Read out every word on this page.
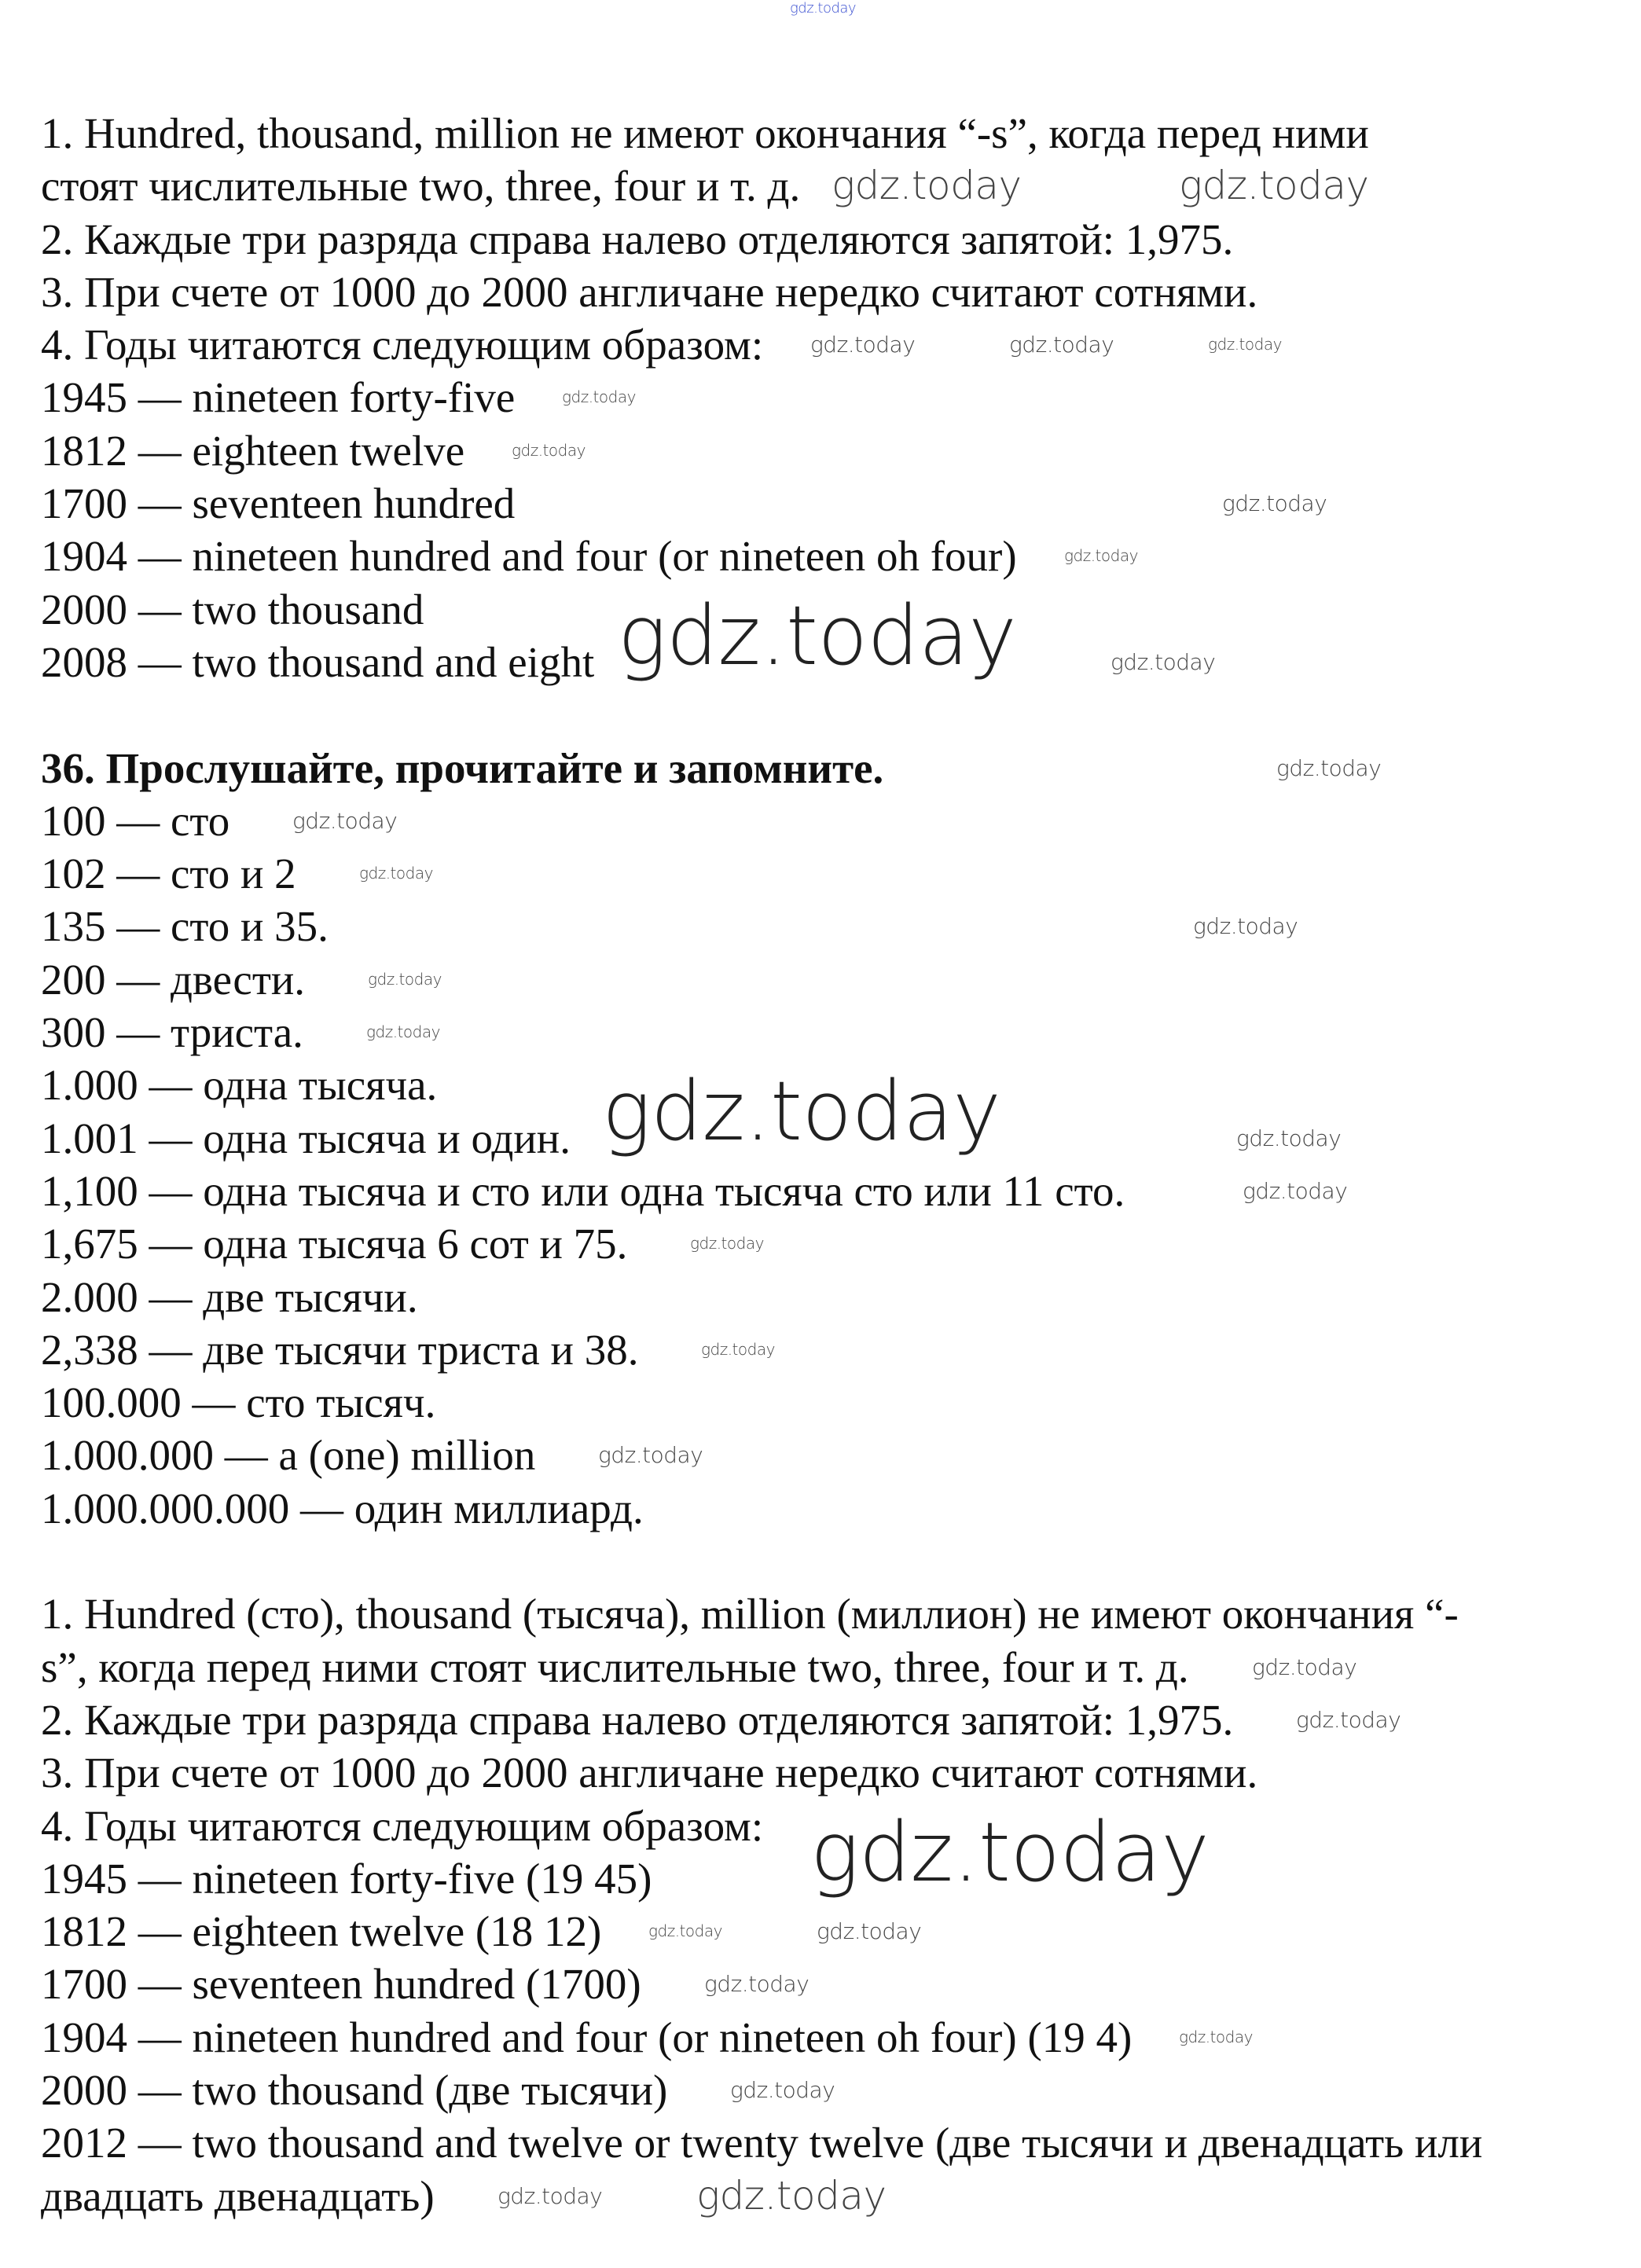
1. Hundred, thousand, million не имеют окончания “-s”, когда перед ними
стоят числительные two, three, four и т. д.
2. Каждые три разряда справа налево отделяются запятой: 1,975.
3. При счете от 1000 до 2000 англичане нередко считают сотнями.
4. Годы читаются следующим образом:
1945 — nineteen forty-five
1812 — eighteen twelve
1700 — seventeen hundred
1904 — nineteen hundred and four (or nineteen oh four)
2000 — two thousand
2008 — two thousand and eight
36. Прослушайте, прочитайте и запомните.
100 — сто
102 — сто и 2
135 — сто и 35.
200 — двести.
300 — триста.
1.000 — одна тысяча.
1.001 — одна тысяча и один.
1,100 — одна тысяча и сто или одна тысяча сто или 11 сто.
1,675 — одна тысяча 6 сот и 75.
2.000 — две тысячи.
2,338 — две тысячи триста и 38.
100.000 — сто тысяч.
1.000.000 — a (one) million
1.000.000.000 — один миллиард.
1. Hundred (сто), thousand (тысяча), million (миллион) не имеют окончания “-
s”, когда перед ними стоят числительные two, three, four и т. д.
2. Каждые три разряда справа налево отделяются запятой: 1,975.
3. При счете от 1000 до 2000 англичане нередко считают сотнями.
4. Годы читаются следующим образом:
1945 — nineteen forty-five (19 45)
1812 — eighteen twelve (18 12)
1700 — seventeen hundred (1700)
1904 — nineteen hundred and four (or nineteen oh four) (19 4)
2000 — two thousand (две тысячи)
2012 — two thousand and twelve or twenty twelve (две тысячи и двенадцать или
двадцать двенадцать)
gdz.today
gdz.today	gdz.today
gdz.today	gdz.today	gdz.today
gdz.today
gdz.today
gdz.today
gdz.today
gdz.today	gdz.today
gdz.today
gdz.today
gdz.today
gdz.today
gdz.today
gdz.today	gdz.today
gdz.today
gdz.today
gdz.today
gdz.today
gdz.today
gdz.today
gdz.today
gdz.today
gdz.today	gdz.today
gdz.today
gdz.today
gdz.today
gdz.today gdz.today
